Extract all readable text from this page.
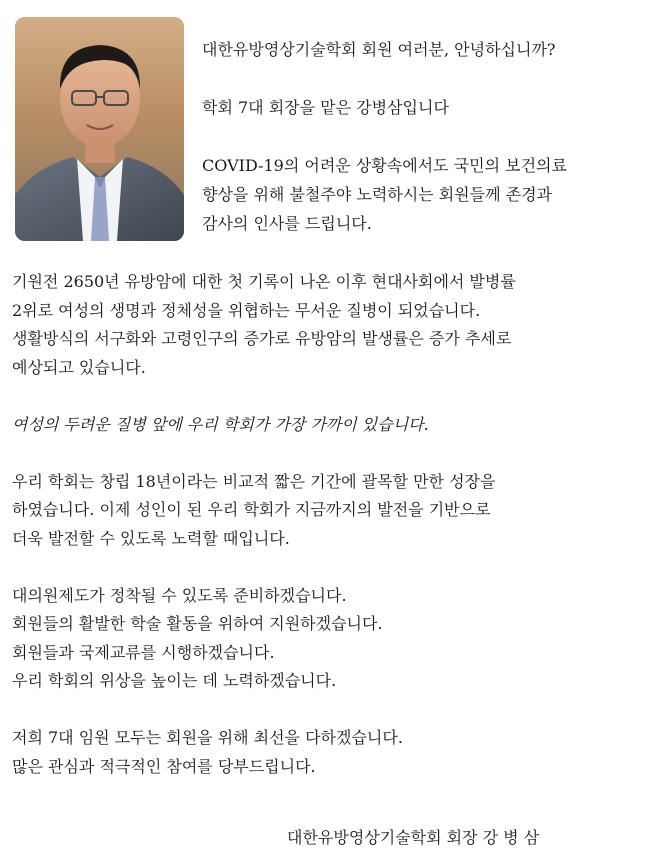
대한유방영상기술학회 회원 여러분, 안녕하십니까?

학회 7대 회장을 맡은 강병삼입니다

COVID-19의 어려운 상황속에서도 국민의 보건의료

향상을 위해 불철주야 노력하시는 회원들께 존경과

감사의 인사를 드립니다.

기원전 2650년 유방암에 대한 첫 기록이 나온 이후 현대사회에서 발병률

2위로 여성의 생명과 정체성을 위협하는 무서운 질병이 되었습니다.

생활방식의 서구화와 고령인구의 증가로 유방암의 발생률은 증가 추세로

예상되고 있습니다.

여성의 두려운 질병 앞에 우리 학회가 가장 가까이 있습니다.

우리 학회는 창립 18년이라는 비교적 짧은 기간에 괄목할 만한 성장을

하였습니다. 이제 성인이 된 우리 학회가 지금까지의 발전을 기반으로

더욱 발전할 수 있도록 노력할 때입니다.

대의원제도가 정착될 수 있도록 준비하겠습니다.

회원들의 활발한 학술 활동을 위하여 지원하겠습니다.

회원들과 국제교류를 시행하겠습니다.

우리 학회의 위상을 높이는 데 노력하겠습니다.

저희 7대 임원 모두는 회원을 위해 최선을 다하겠습니다.

많은 관심과 적극적인 참여를 당부드립니다.

대한유방영상기술학회 회장 강 병 삼
